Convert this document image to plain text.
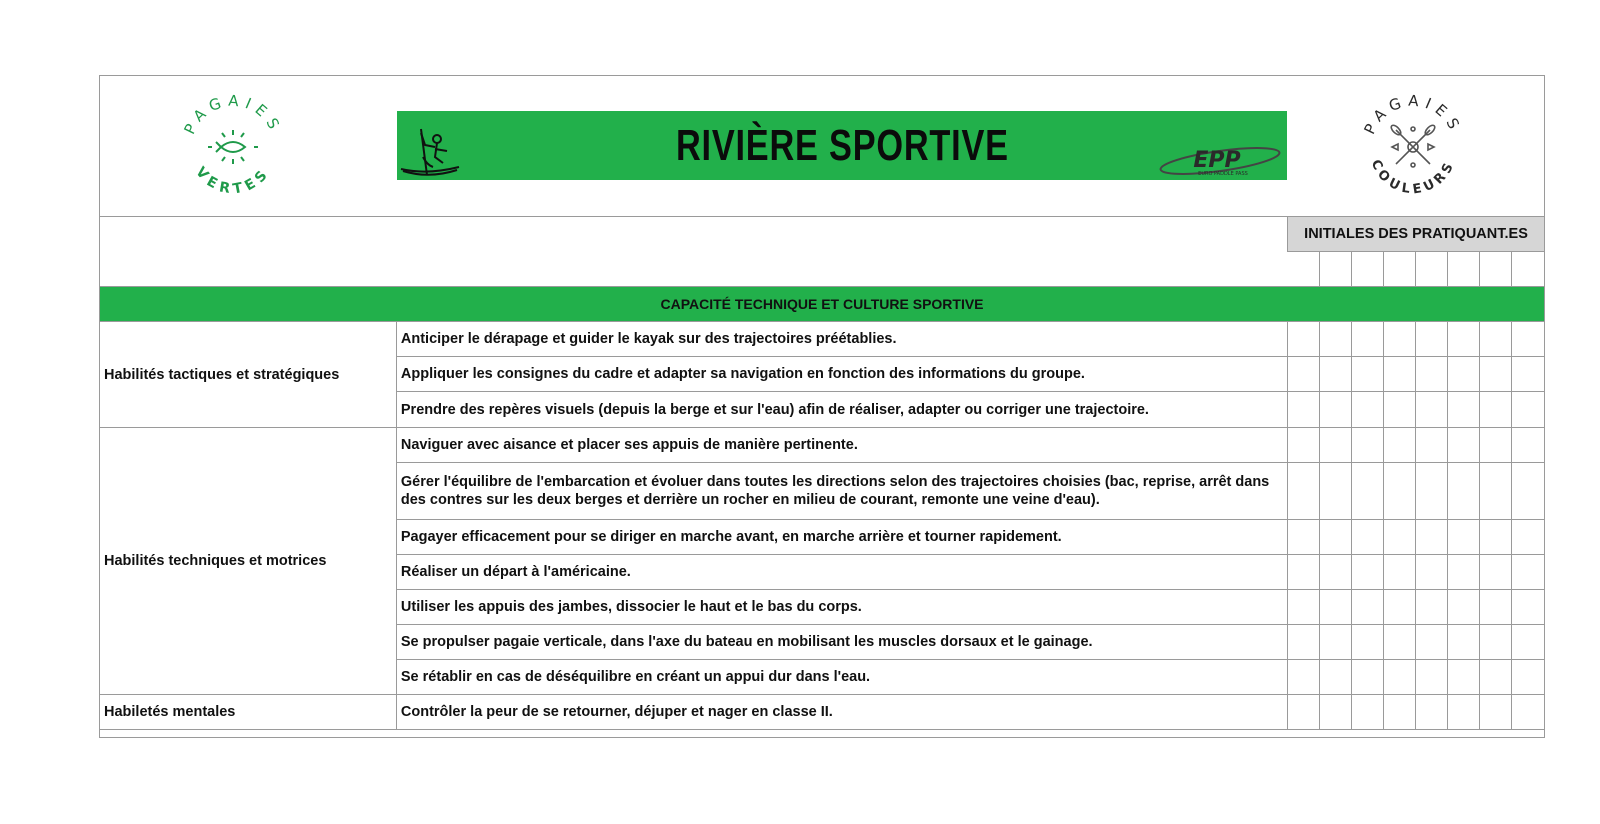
PAGAIES
VERTES
RIVIÈRE SPORTIVE	EPP
EURO PADDLE PASS
PAGAIES
COULEURS
		INITIALES DES PRATIQUANT.ES							

CAPACITÉ TECHNIQUE ET CULTURE SPORTIVE									
Habilités tactiques et stratégiques	Anticiper le dérapage et guider le kayak sur des trajectoires préétablies.								
	Appliquer les consignes du cadre et adapter sa navigation en fonction des informations du groupe.								
	Prendre des repères visuels (depuis la berge et sur l'eau) afin de réaliser, adapter ou corriger une trajectoire.								
Habilités techniques et motrices	Naviguer avec aisance et placer ses appuis de manière pertinente.								
	Gérer l'équilibre de l'embarcation et évoluer dans toutes les directions selon des trajectoires choisies (bac, reprise, arrêt dans des contres sur les deux berges et derrière un rocher en milieu de courant, remonte une veine d'eau).								
	Pagayer efficacement pour se diriger en marche avant, en marche arrière et tourner rapidement.								
	Réaliser un départ à l'américaine.								
	Utiliser les appuis des jambes, dissocier le haut et le bas du corps.								
	Se propulser pagaie verticale, dans l'axe du bateau en mobilisant les muscles dorsaux et le gainage.								
	Se rétablir en cas de déséquilibre en créant un appui dur dans l'eau.								
Habiletés mentales	Contrôler la peur de se retourner, déjuper et nager en classe II.								
